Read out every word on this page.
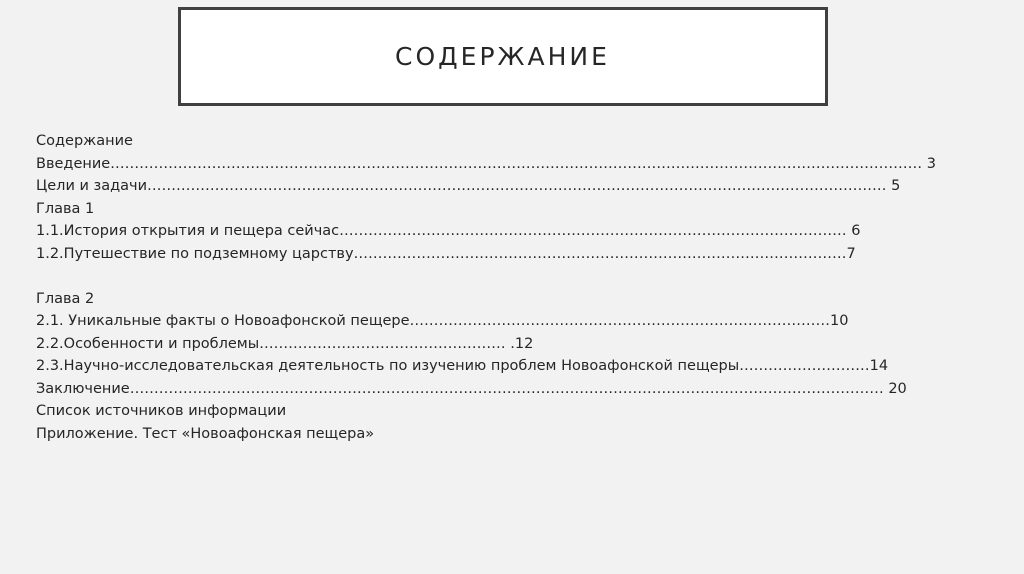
СОДЕРЖАНИЕ
Содержание
Введение…………………………………………………………………………………………………………………………………………………… 3
Цели и задачи……………………………………………………………………………………………………………………………………… 5
Глава 1
1.1.История открытия и пещера сейчас…………………………………………………………………………………………… 6
1.2.Путешествие по подземному царству…………………………………………………………………………………………7
Глава 2
2.1. Уникальные факты о Новоафонской пещере……………………………………………………………………………10
2.2.Особенности и проблемы…………………………………………… .12
2.3.Научно-исследовательская деятельность по изучению проблем Новоафонской пещеры………………………14
Заключение………………………………………………………………………………………………………………………………………… 20
Список источников информации
Приложение. Тест «Новоафонская пещера»
